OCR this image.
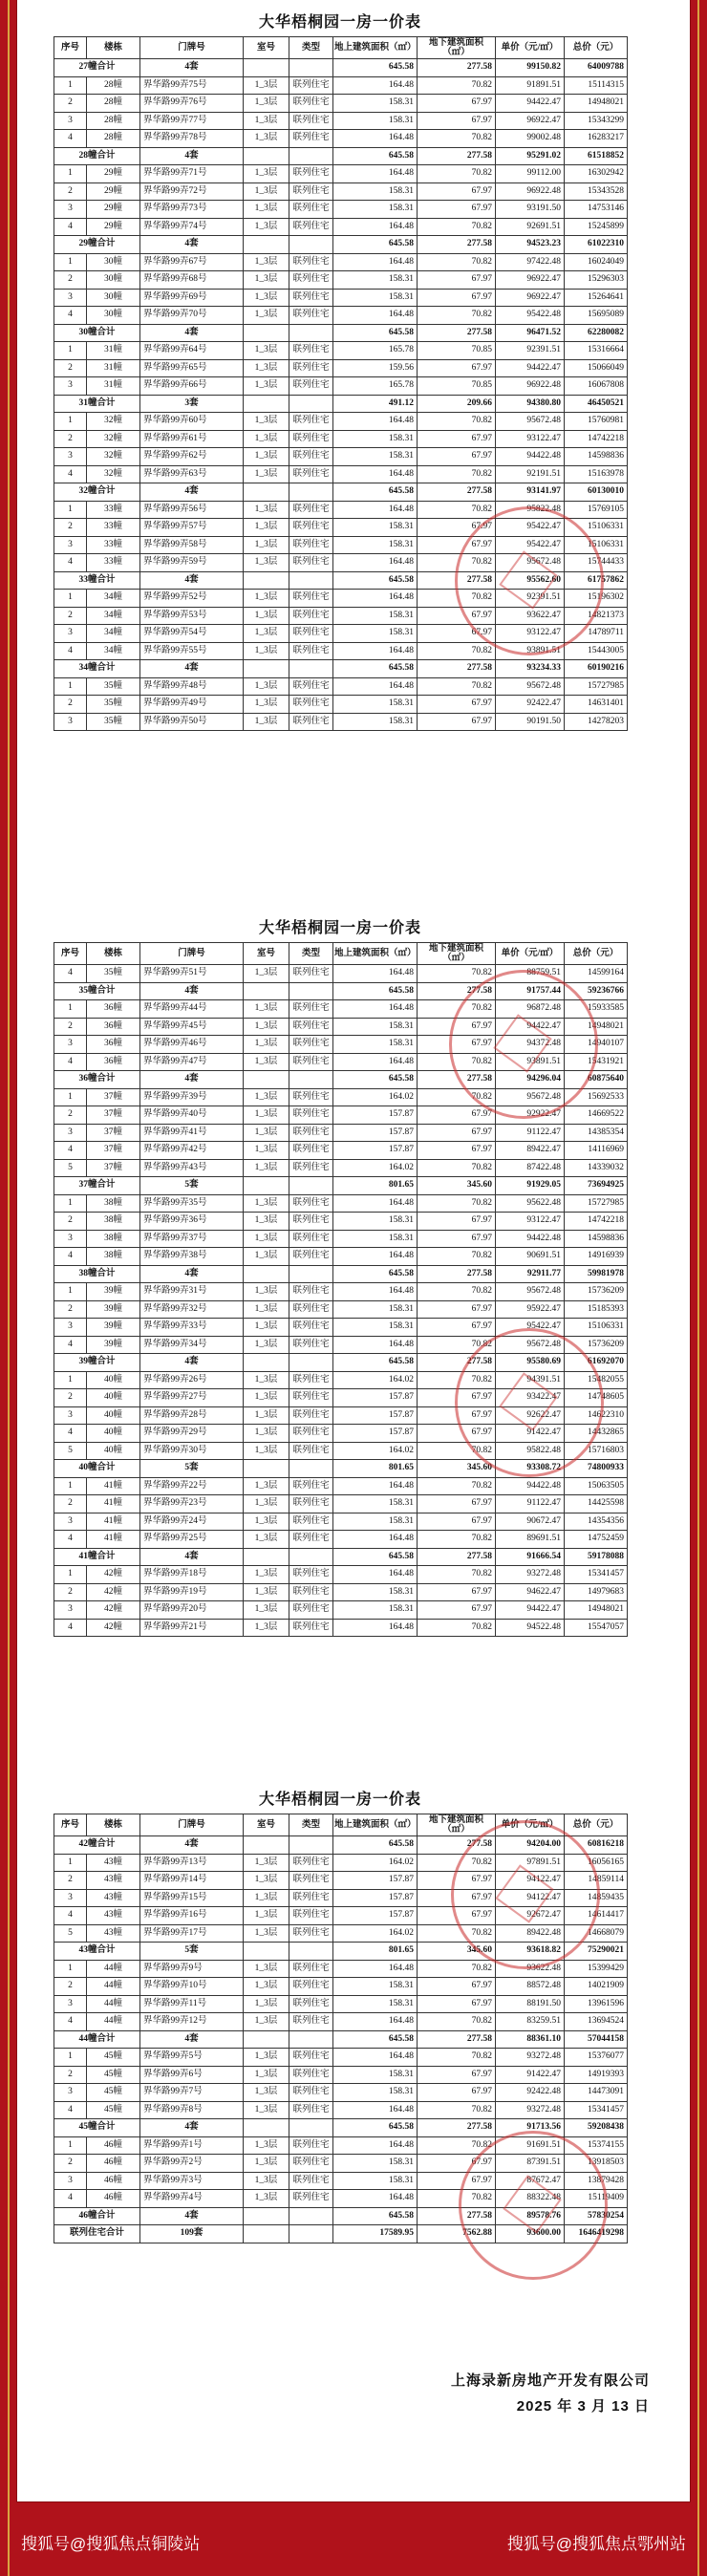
大华梧桐园一房一价表
序号	楼栋	门牌号	室号	类型	地上建筑面积（㎡）	地下建筑面积（㎡）	单价（元/㎡）	总价（元）
27幢合计		4套			645.58	277.58	99150.82	64009788
1	28幢	界华路99弄75号	1_3层	联列住宅	164.48	70.82	91891.51	15114315
2	28幢	界华路99弄76号	1_3层	联列住宅	158.31	67.97	94422.47	14948021
3	28幢	界华路99弄77号	1_3层	联列住宅	158.31	67.97	96922.47	15343299
4	28幢	界华路99弄78号	1_3层	联列住宅	164.48	70.82	99002.48	16283217
28幢合计		4套			645.58	277.58	95291.02	61518852
1	29幢	界华路99弄71号	1_3层	联列住宅	164.48	70.82	99112.00	16302942
2	29幢	界华路99弄72号	1_3层	联列住宅	158.31	67.97	96922.48	15343528
3	29幢	界华路99弄73号	1_3层	联列住宅	158.31	67.97	93191.50	14753146
4	29幢	界华路99弄74号	1_3层	联列住宅	164.48	70.82	92691.51	15245899
29幢合计		4套			645.58	277.58	94523.23	61022310
1	30幢	界华路99弄67号	1_3层	联列住宅	164.48	70.82	97422.48	16024049
2	30幢	界华路99弄68号	1_3层	联列住宅	158.31	67.97	96922.47	15296303
3	30幢	界华路99弄69号	1_3层	联列住宅	158.31	67.97	96922.47	15264641
4	30幢	界华路99弄70号	1_3层	联列住宅	164.48	70.82	95422.48	15695089
30幢合计		4套			645.58	277.58	96471.52	62280082
1	31幢	界华路99弄64号	1_3层	联列住宅	165.78	70.85	92391.51	15316664
2	31幢	界华路99弄65号	1_3层	联列住宅	159.56	67.97	94422.47	15066049
3	31幢	界华路99弄66号	1_3层	联列住宅	165.78	70.85	96922.48	16067808
31幢合计		3套			491.12	209.66	94380.80	46450521
1	32幢	界华路99弄60号	1_3层	联列住宅	164.48	70.82	95672.48	15760981
2	32幢	界华路99弄61号	1_3层	联列住宅	158.31	67.97	93122.47	14742218
3	32幢	界华路99弄62号	1_3层	联列住宅	158.31	67.97	94422.48	14598836
4	32幢	界华路99弄63号	1_3层	联列住宅	164.48	70.82	92191.51	15163978
32幢合计		4套			645.58	277.58	93141.97	60130010
1	33幢	界华路99弄56号	1_3层	联列住宅	164.48	70.82	95822.48	15769105
2	33幢	界华路99弄57号	1_3层	联列住宅	158.31	67.97	95422.47	15106331
3	33幢	界华路99弄58号	1_3层	联列住宅	158.31	67.97	95422.47	15106331
4	33幢	界华路99弄59号	1_3层	联列住宅	164.48	70.82	95672.48	15744433
33幢合计		4套			645.58	277.58	95562.60	61757862
1	34幢	界华路99弄52号	1_3层	联列住宅	164.48	70.82	92391.51	15196302
2	34幢	界华路99弄53号	1_3层	联列住宅	158.31	67.97	93622.47	14821373
3	34幢	界华路99弄54号	1_3层	联列住宅	158.31	67.97	93122.47	14789711
4	34幢	界华路99弄55号	1_3层	联列住宅	164.48	70.82	93891.51	15443005
34幢合计		4套			645.58	277.58	93234.33	60190216
1	35幢	界华路99弄48号	1_3层	联列住宅	164.48	70.82	95672.48	15727985
2	35幢	界华路99弄49号	1_3层	联列住宅	158.31	67.97	92422.47	14631401
3	35幢	界华路99弄50号	1_3层	联列住宅	158.31	67.97	90191.50	14278203
大华梧桐园一房一价表
序号	楼栋	门牌号	室号	类型	地上建筑面积（㎡）	地下建筑面积（㎡）	单价（元/㎡）	总价（元）
4	35幢	界华路99弄51号	1_3层	联列住宅	164.48	70.82	88759.51	14599164
35幢合计		4套			645.58	277.58	91757.44	59236766
1	36幢	界华路99弄44号	1_3层	联列住宅	164.48	70.82	96872.48	15933585
2	36幢	界华路99弄45号	1_3层	联列住宅	158.31	67.97	94422.47	14948021
3	36幢	界华路99弄46号	1_3层	联列住宅	158.31	67.97	94372.48	14940107
4	36幢	界华路99弄47号	1_3层	联列住宅	164.48	70.82	93891.51	15431921
36幢合计		4套			645.58	277.58	94296.04	60875640
1	37幢	界华路99弄39号	1_3层	联列住宅	164.02	70.82	95672.48	15692533
2	37幢	界华路99弄40号	1_3层	联列住宅	157.87	67.97	92922.47	14669522
3	37幢	界华路99弄41号	1_3层	联列住宅	157.87	67.97	91122.47	14385354
4	37幢	界华路99弄42号	1_3层	联列住宅	157.87	67.97	89422.47	14116969
5	37幢	界华路99弄43号	1_3层	联列住宅	164.02	70.82	87422.48	14339032
37幢合计		5套			801.65	345.60	91929.05	73694925
1	38幢	界华路99弄35号	1_3层	联列住宅	164.48	70.82	95622.48	15727985
2	38幢	界华路99弄36号	1_3层	联列住宅	158.31	67.97	93122.47	14742218
3	38幢	界华路99弄37号	1_3层	联列住宅	158.31	67.97	94422.48	14598836
4	38幢	界华路99弄38号	1_3层	联列住宅	164.48	70.82	90691.51	14916939
38幢合计		4套			645.58	277.58	92911.77	59981978
1	39幢	界华路99弄31号	1_3层	联列住宅	164.48	70.82	95672.48	15736209
2	39幢	界华路99弄32号	1_3层	联列住宅	158.31	67.97	95922.47	15185393
3	39幢	界华路99弄33号	1_3层	联列住宅	158.31	67.97	95422.47	15106331
4	39幢	界华路99弄34号	1_3层	联列住宅	164.48	70.82	95672.48	15736209
39幢合计		4套			645.58	277.58	95580.69	61692070
1	40幢	界华路99弄26号	1_3层	联列住宅	164.02	70.82	94391.51	15482055
2	40幢	界华路99弄27号	1_3层	联列住宅	157.87	67.97	93422.47	14748605
3	40幢	界华路99弄28号	1_3层	联列住宅	157.87	67.97	92622.47	14622310
4	40幢	界华路99弄29号	1_3层	联列住宅	157.87	67.97	91422.47	14432865
5	40幢	界华路99弄30号	1_3层	联列住宅	164.02	70.82	95822.48	15716803
40幢合计		5套			801.65	345.60	93308.72	74800933
1	41幢	界华路99弄22号	1_3层	联列住宅	164.48	70.82	94422.48	15063505
2	41幢	界华路99弄23号	1_3层	联列住宅	158.31	67.97	91122.47	14425598
3	41幢	界华路99弄24号	1_3层	联列住宅	158.31	67.97	90672.47	14354356
4	41幢	界华路99弄25号	1_3层	联列住宅	164.48	70.82	89691.51	14752459
41幢合计		4套			645.58	277.58	91666.54	59178088
1	42幢	界华路99弄18号	1_3层	联列住宅	164.48	70.82	93272.48	15341457
2	42幢	界华路99弄19号	1_3层	联列住宅	158.31	67.97	94622.47	14979683
3	42幢	界华路99弄20号	1_3层	联列住宅	158.31	67.97	94422.47	14948021
4	42幢	界华路99弄21号	1_3层	联列住宅	164.48	70.82	94522.48	15547057
大华梧桐园一房一价表
序号	楼栋	门牌号	室号	类型	地上建筑面积（㎡）	地下建筑面积（㎡）	单价（元/㎡）	总价（元）
42幢合计		4套			645.58	277.58	94204.00	60816218
1	43幢	界华路99弄13号	1_3层	联列住宅	164.02	70.82	97891.51	16056165
2	43幢	界华路99弄14号	1_3层	联列住宅	157.87	67.97	94122.47	14859114
3	43幢	界华路99弄15号	1_3层	联列住宅	157.87	67.97	94122.47	14859435
4	43幢	界华路99弄16号	1_3层	联列住宅	157.87	67.97	92672.47	14614417
5	43幢	界华路99弄17号	1_3层	联列住宅	164.02	70.82	89422.48	14668079
43幢合计		5套			801.65	345.60	93618.82	75290021
1	44幢	界华路99弄9号	1_3层	联列住宅	164.48	70.82	93622.48	15399429
2	44幢	界华路99弄10号	1_3层	联列住宅	158.31	67.97	88572.48	14021909
3	44幢	界华路99弄11号	1_3层	联列住宅	158.31	67.97	88191.50	13961596
4	44幢	界华路99弄12号	1_3层	联列住宅	164.48	70.82	83259.51	13694524
44幢合计		4套			645.58	277.58	88361.10	57044158
1	45幢	界华路99弄5号	1_3层	联列住宅	164.48	70.82	93272.48	15376077
2	45幢	界华路99弄6号	1_3层	联列住宅	158.31	67.97	91422.47	14919393
3	45幢	界华路99弄7号	1_3层	联列住宅	158.31	67.97	92422.48	14473091
4	45幢	界华路99弄8号	1_3层	联列住宅	164.48	70.82	93272.48	15341457
45幢合计		4套			645.58	277.58	91713.56	59208438
1	46幢	界华路99弄1号	1_3层	联列住宅	164.48	70.82	91691.51	15374155
2	46幢	界华路99弄2号	1_3层	联列住宅	158.31	67.97	87391.51	13918503
3	46幢	界华路99弄3号	1_3层	联列住宅	158.31	67.97	87672.47	13879428
4	46幢	界华路99弄4号	1_3层	联列住宅	164.48	70.82	88322.48	15119409
46幢合计		4套			645.58	277.58	89578.76	57830254
联列住宅合计		109套			17589.95	7562.88	93600.00	1646419298
上海录新房地产开发有限公司
2025 年 3 月 13 日
搜狐号@搜狐焦点铜陵站	搜狐号@搜狐焦点鄂州站
